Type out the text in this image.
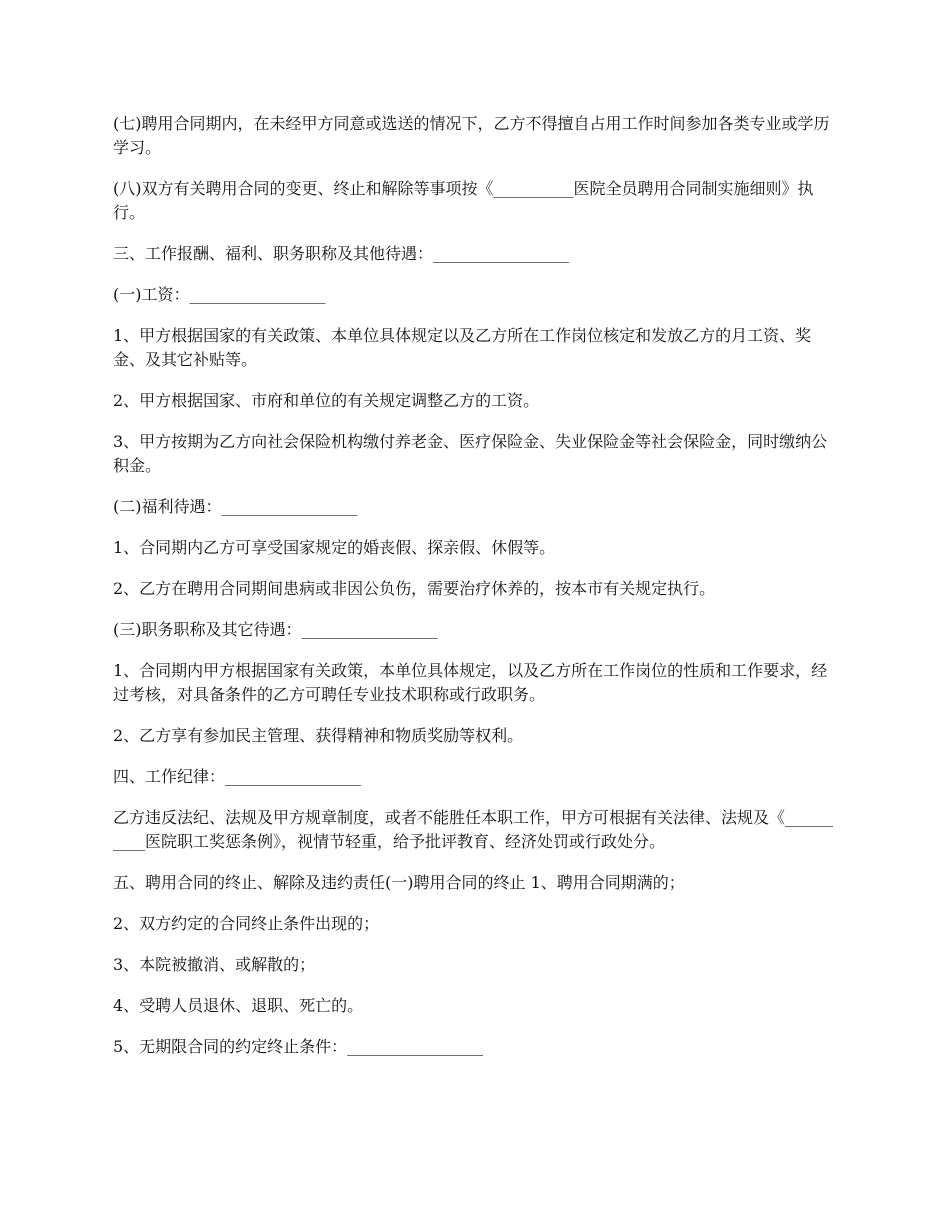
(七)聘用合同期内，在未经甲方同意或选送的情况下，乙方不得擅自占用工作时间参加各类专业或学历学习。

(八)双方有关聘用合同的变更、终止和解除等事项按《__________医院全员聘用合同制实施细则》执行。

三、工作报酬、福利、职务职称及其他待遇：_________________

(一)工资：_________________

1、甲方根据国家的有关政策、本单位具体规定以及乙方所在工作岗位核定和发放乙方的月工资、奖金、及其它补贴等。

2、甲方根据国家、市府和单位的有关规定调整乙方的工资。

3、甲方按期为乙方向社会保险机构缴付养老金、医疗保险金、失业保险金等社会保险金，同时缴纳公积金。

(二)福利待遇：_________________

1、合同期内乙方可享受国家规定的婚丧假、探亲假、休假等。

2、乙方在聘用合同期间患病或非因公负伤，需要治疗休养的，按本市有关规定执行。

(三)职务职称及其它待遇：_________________

1、合同期内甲方根据国家有关政策，本单位具体规定，以及乙方所在工作岗位的性质和工作要求，经过考核，对具备条件的乙方可聘任专业技术职称或行政职务。

2、乙方享有参加民主管理、获得精神和物质奖励等权利。

四、工作纪律：_________________

乙方违反法纪、法规及甲方规章制度，或者不能胜任本职工作，甲方可根据有关法律、法规及《__________医院职工奖惩条例》，视情节轻重，给予批评教育、经济处罚或行政处分。

五、聘用合同的终止、解除及违约责任(一)聘用合同的终止 1、聘用合同期满的；

2、双方约定的合同终止条件出现的；

3、本院被撤消、或解散的；

4、受聘人员退休、退职、死亡的。

5、无期限合同的约定终止条件：_________________
